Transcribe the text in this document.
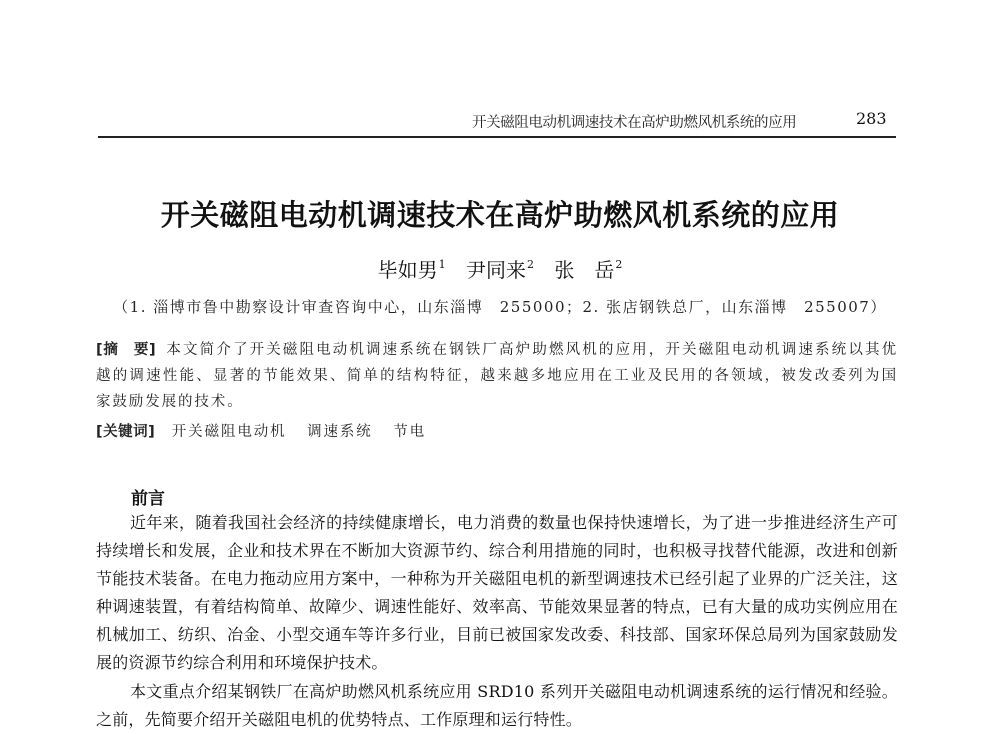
开关磁阻电动机调速技术在高炉助燃风机系统的应用	283
开关磁阻电动机调速技术在高炉助燃风机系统的应用
毕如男$^1$ 尹同来$^2$ 张　岳$^2$
（1. 淄博市鲁中勘察设计审查咨询中心，山东淄博　255000；2. 张店钢铁总厂，山东淄博　255007）
[摘　要] 本文简介了开关磁阻电动机调速系统在钢铁厂高炉助燃风机的应用，开关磁阻电动机调速系统以其优越的调速性能、显著的节能效果、简单的结构特征，越来越多地应用在工业及民用的各领域，被发改委列为国家鼓励发展的技术。
[关键词] 开关磁阻电动机 调速系统 节电
前言
近年来，随着我国社会经济的持续健康增长，电力消费的数量也保持快速增长，为了进一步推进经济生产可持续增长和发展，企业和技术界在不断加大资源节约、综合利用措施的同时，也积极寻找替代能源，改进和创新节能技术装备。在电力拖动应用方案中，一种称为开关磁阻电机的新型调速技术已经引起了业界的广泛关注，这种调速装置，有着结构简单、故障少、调速性能好、效率高、节能效果显著的特点，已有大量的成功实例应用在机械加工、纺织、冶金、小型交通车等许多行业，目前已被国家发改委、科技部、国家环保总局列为国家鼓励发展的资源节约综合利用和环境保护技术。
本文重点介绍某钢铁厂在高炉助燃风机系统应用 SRD10 系列开关磁阻电动机调速系统的运行情况和经验。之前，先简要介绍开关磁阻电机的优势特点、工作原理和运行特性。
